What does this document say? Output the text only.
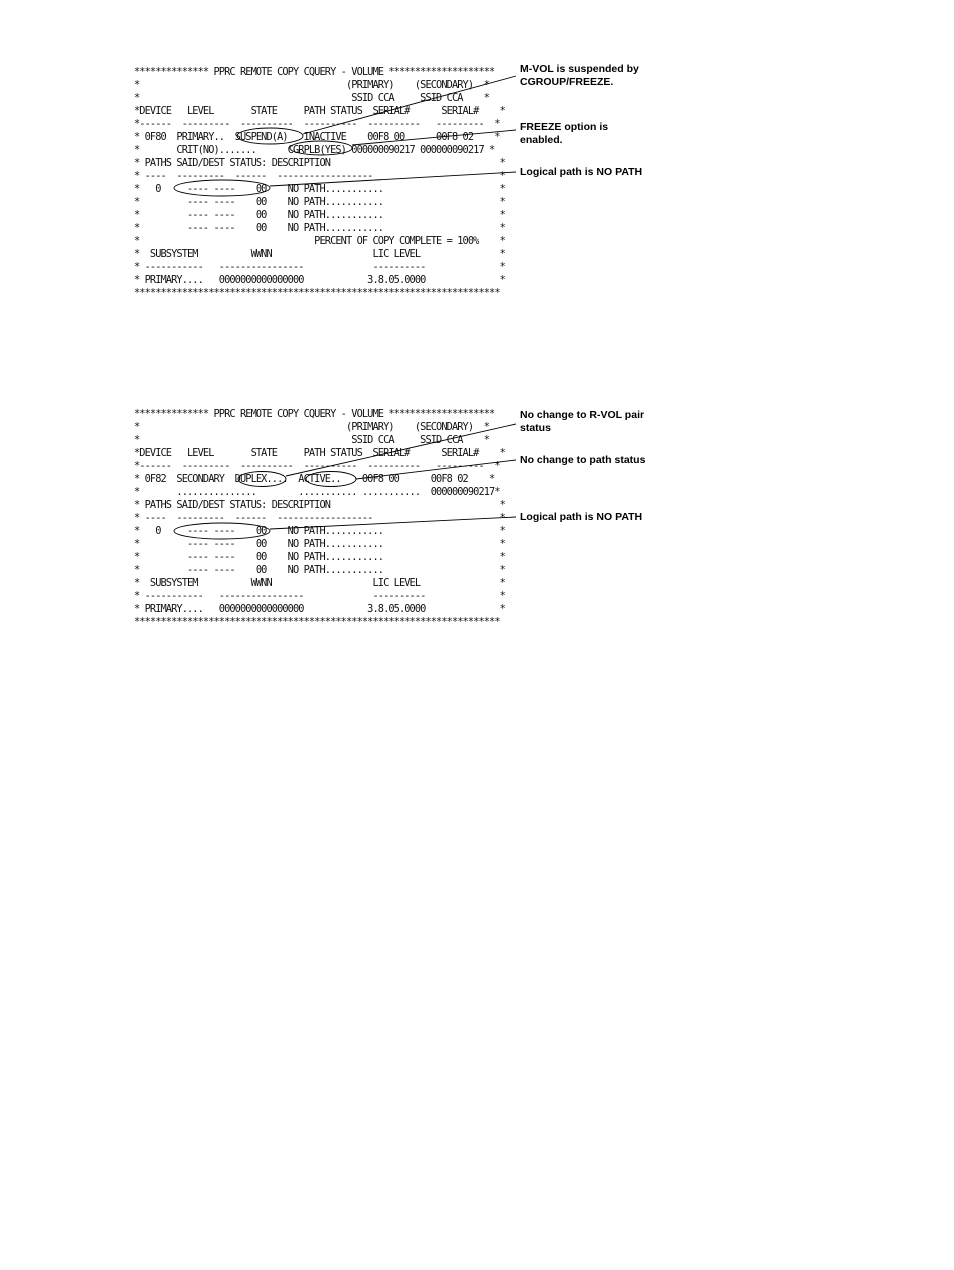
************** PPRC REMOTE COPY CQUERY - VOLUME ********************
*                                       (PRIMARY)    (SECONDARY)  *
*                                        SSID CCA     SSID CCA    *
*DEVICE   LEVEL       STATE     PATH STATUS  SERIAL#      SERIAL#    *
*------  ---------  ----------  ----------  ----------   ---------  *
* 0F80  PRIMARY..  SUSPEND(A)   INACTIVE    00F8 00      00F8 02    *
*       CRIT(NO).......      CGRPLB(YES) 000000090217 000000090217 *
* PATHS SAID/DEST STATUS: DESCRIPTION                                *
* ----  ---------  ------  ------------------                        *
*   0     ---- ----    00    NO PATH...........                      *
*         ---- ----    00    NO PATH...........                      *
*         ---- ----    00    NO PATH...........                      *
*         ---- ----    00    NO PATH...........                      *
*                                 PERCENT OF COPY COMPLETE = 100%    *
*  SUBSYSTEM          WWNN                   LIC LEVEL               *
* -----------   ----------------             ----------              *
* PRIMARY....   0000000000000000            3.8.05.0000              *
*********************************************************************
M-VOL is suspended by CGROUP/FREEZE.
FREEZE option is enabled.
Logical path is NO PATH
************** PPRC REMOTE COPY CQUERY - VOLUME ********************
*                                       (PRIMARY)    (SECONDARY)  *
*                                        SSID CCA     SSID CCA    *
*DEVICE   LEVEL       STATE     PATH STATUS  SERIAL#      SERIAL#    *
*------  ---------  ----------  ----------  ----------   ---------  *
* 0F82  SECONDARY  DUPLEX....  ACTIVE..    00F8 00      00F8 02    *
*       ...............        ........... ...........  000000090217*
* PATHS SAID/DEST STATUS: DESCRIPTION                                *
* ----  ---------  ------  ------------------                        *
*   0     ---- ----    00    NO PATH...........                      *
*         ---- ----    00    NO PATH...........                      *
*         ---- ----    00    NO PATH...........                      *
*         ---- ----    00    NO PATH...........                      *
*  SUBSYSTEM          WWNN                   LIC LEVEL               *
* -----------   ----------------             ----------              *
* PRIMARY....   0000000000000000            3.8.05.0000              *
*********************************************************************
No change to R-VOL pair status
No change to path status
Logical path is NO PATH
